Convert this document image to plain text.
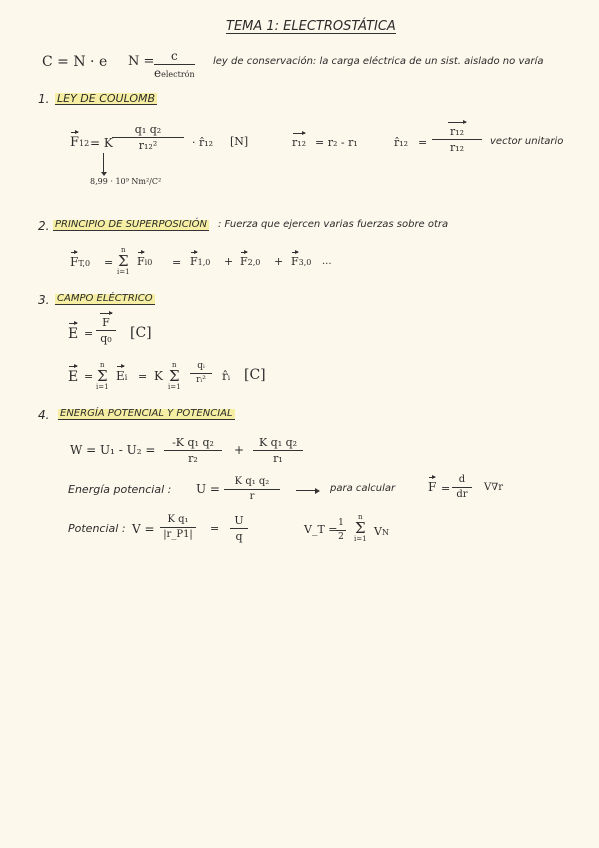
TEMA 1: ELECTROSTÁTICA
C = N · e N = c
eelectrón
ley de conservación: la carga eléctrica de un sist. aislado no varía
1. LEY DE COULOMB
F12 = K
q₁ q₂
r₁₂²	· r̂₁₂ [N]	r₁₂ = r₂ - r₁	r̂₁₂ =
r₁₂
r₁₂	vector unitario
8,99 · 10⁹ Nm²/C²
2. PRINCIPIO DE SUPERPOSICIÓN : Fuerza que ejercen varias fuerzas sobre otra
FT,0 =
n
Σ
i=1
Fi0 = F1,0 + F2,0 + F3,0 ...
3. CAMPO ELÉCTRICO
E =
F
q₀ [C]
E =
n
Σ
i=1
Ei = K
n
Σ
i=1
qᵢ
rᵢ² r̂ᵢ [C]
4. ENERGÍA POTENCIAL Y POTENCIAL
W = U₁ - U₂ =
-K q₁ q₂
r₂
+
K q₁ q₂
r₁
Energía potencial : U =
K q₁ q₂
r
para calcular	F =
d
dr
V∇r
Potencial : V =
K q₁
|r_P1| =
U
q
V_T = 1
2
n
Σ
i=1
VN
